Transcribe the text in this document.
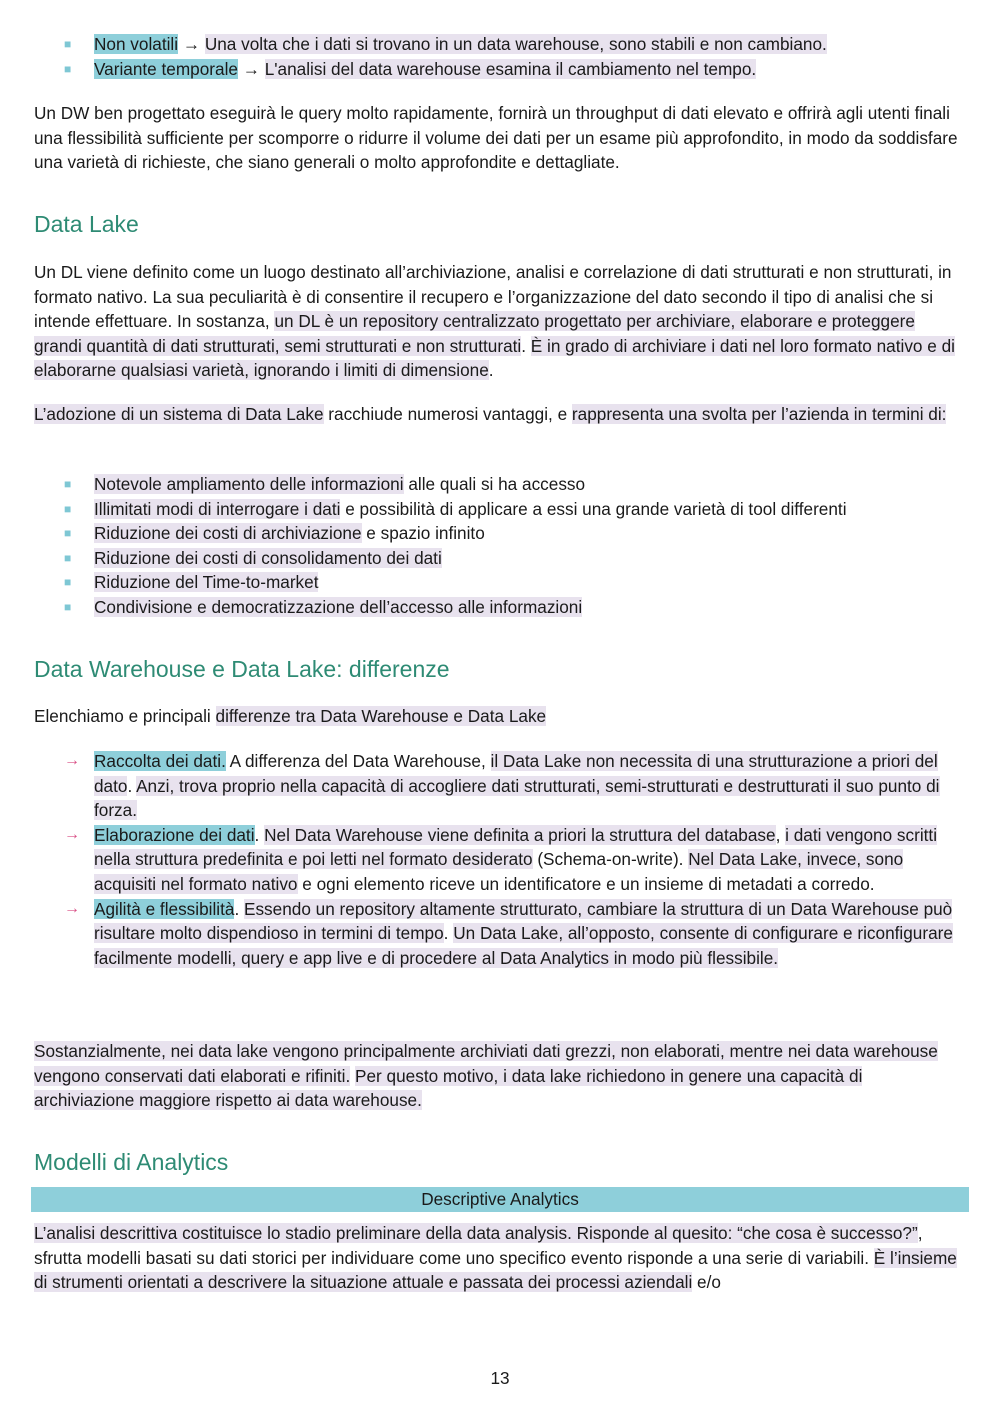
■ Non volatili → Una volta che i dati si trovano in un data warehouse, sono stabili e non cambiano.
■ Variante temporale → L'analisi del data warehouse esamina il cambiamento nel tempo.

Un DW ben progettato eseguirà le query molto rapidamente, fornirà un throughput di dati elevato e offrirà agli utenti finali una flessibilità sufficiente per scomporre o ridurre il volume dei dati per un esame più approfondito, in modo da soddisfare una varietà di richieste, che siano generali o molto approfondite e dettagliate.

Data Lake

Un DL viene definito come un luogo destinato all’archiviazione, analisi e correlazione di dati strutturati e non strutturati, in formato nativo. La sua peculiarità è di consentire il recupero e l’organizzazione del dato secondo il tipo di analisi che si intende effettuare. In sostanza, un DL è un repository centralizzato progettato per archiviare, elaborare e proteggere grandi quantità di dati strutturati, semi strutturati e non strutturati. È in grado di archiviare i dati nel loro formato nativo e di elaborarne qualsiasi varietà, ignorando i limiti di dimensione.

L’adozione di un sistema di Data Lake racchiude numerosi vantaggi, e rappresenta una svolta per l’azienda in termini di:

■ Notevole ampliamento delle informazioni alle quali si ha accesso
■ Illimitati modi di interrogare i dati e possibilità di applicare a essi una grande varietà di tool differenti
■ Riduzione dei costi di archiviazione e spazio infinito
■ Riduzione dei costi di consolidamento dei dati
■ Riduzione del Time-to-market
■ Condivisione e democratizzazione dell’accesso alle informazioni
Data Warehouse e Data Lake: differenze

Elenchiamo e principali differenze tra Data Warehouse e Data Lake

→ Raccolta dei dati. A differenza del Data Warehouse, il Data Lake non necessita di una strutturazione a priori del dato. Anzi, trova proprio nella capacità di accogliere dati strutturati, semi-strutturati e destrutturati il suo punto di forza.
→ Elaborazione dei dati. Nel Data Warehouse viene definita a priori la struttura del database, i dati vengono scritti nella struttura predefinita e poi letti nel formato desiderato (Schema-on-write). Nel Data Lake, invece, sono acquisiti nel formato nativo e ogni elemento riceve un identificatore e un insieme di metadati a corredo.
→ Agilità e flessibilità. Essendo un repository altamente strutturato, cambiare la struttura di un Data Warehouse può risultare molto dispendioso in termini di tempo. Un Data Lake, all’opposto, consente di configurare e riconfigurare facilmente modelli, query e app live e di procedere al Data Analytics in modo più flessibile.

Sostanzialmente, nei data lake vengono principalmente archiviati dati grezzi, non elaborati, mentre nei data warehouse vengono conservati dati elaborati e rifiniti. Per questo motivo, i data lake richiedono in genere una capacità di archiviazione maggiore rispetto ai data warehouse.

Modelli di Analytics
Descriptive Analytics

L’analisi descrittiva costituisce lo stadio preliminare della data analysis. Risponde al quesito: “che cosa è successo?”, sfrutta modelli basati su dati storici per individuare come uno specifico evento risponde a una serie di variabili. È l’insieme di strumenti orientati a descrivere la situazione attuale e passata dei processi aziendali e/o

13
